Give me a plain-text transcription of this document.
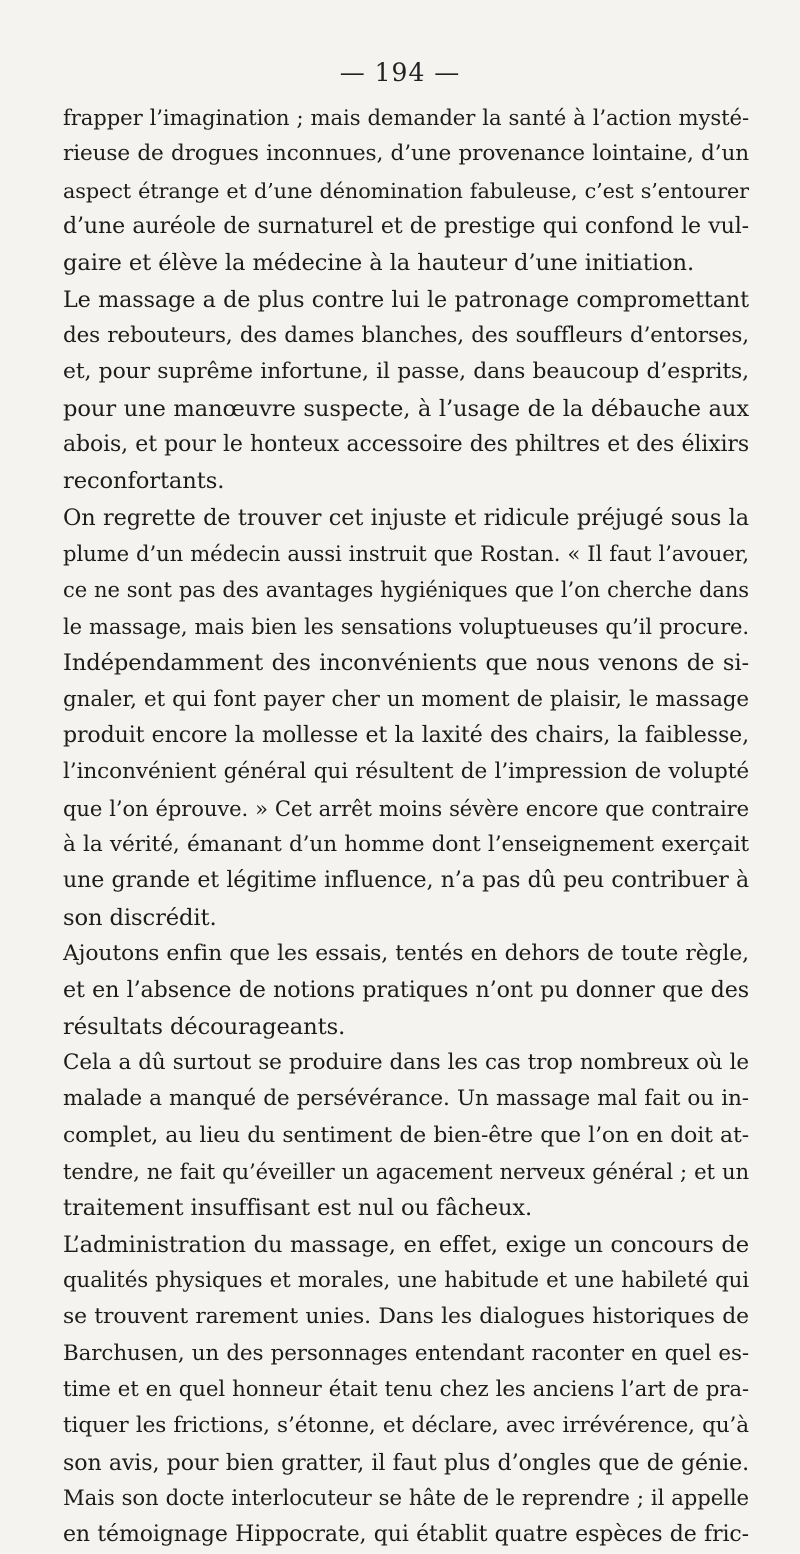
— 194 —
frapper l’imagination ; mais demander la santé à l’action mysté-
rieuse de drogues inconnues, d’une provenance lointaine, d’un
aspect étrange et d’une dénomination fabuleuse, c’est s’entourer
d’une auréole de surnaturel et de prestige qui confond le vul-
gaire et élève la médecine à la hauteur d’une initiation.
Le massage a de plus contre lui le patronage compromettant
des rebouteurs, des dames blanches, des souffleurs d’entorses,
et, pour suprême infortune, il passe, dans beaucoup d’esprits,
pour une manœuvre suspecte, à l’usage de la débauche aux
abois, et pour le honteux accessoire des philtres et des élixirs
reconfortants.
On regrette de trouver cet injuste et ridicule préjugé sous la
plume d’un médecin aussi instruit que Rostan. « Il faut l’avouer,
ce ne sont pas des avantages hygiéniques que l’on cherche dans
le massage, mais bien les sensations voluptueuses qu’il procure.
Indépendamment des inconvénients que nous venons de si-
gnaler, et qui font payer cher un moment de plaisir, le massage
produit encore la mollesse et la laxité des chairs, la faiblesse,
l’inconvénient général qui résultent de l’impression de volupté
que l’on éprouve. » Cet arrêt moins sévère encore que contraire
à la vérité, émanant d’un homme dont l’enseignement exerçait
une grande et légitime influence, n’a pas dû peu contribuer à
son discrédit.
Ajoutons enfin que les essais, tentés en dehors de toute règle,
et en l’absence de notions pratiques n’ont pu donner que des
résultats décourageants.
Cela a dû surtout se produire dans les cas trop nombreux où le
malade a manqué de persévérance. Un massage mal fait ou in-
complet, au lieu du sentiment de bien-être que l’on en doit at-
tendre, ne fait qu’éveiller un agacement nerveux général ; et un
traitement insuffisant est nul ou fâcheux.
L’administration du massage, en effet, exige un concours de
qualités physiques et morales, une habitude et une habileté qui
se trouvent rarement unies. Dans les dialogues historiques de
Barchusen, un des personnages entendant raconter en quel es-
time et en quel honneur était tenu chez les anciens l’art de pra-
tiquer les frictions, s’étonne, et déclare, avec irrévérence, qu’à
son avis, pour bien gratter, il faut plus d’ongles que de génie.
Mais son docte interlocuteur se hâte de le reprendre ; il appelle
en témoignage Hippocrate, qui établit quatre espèces de fric-
